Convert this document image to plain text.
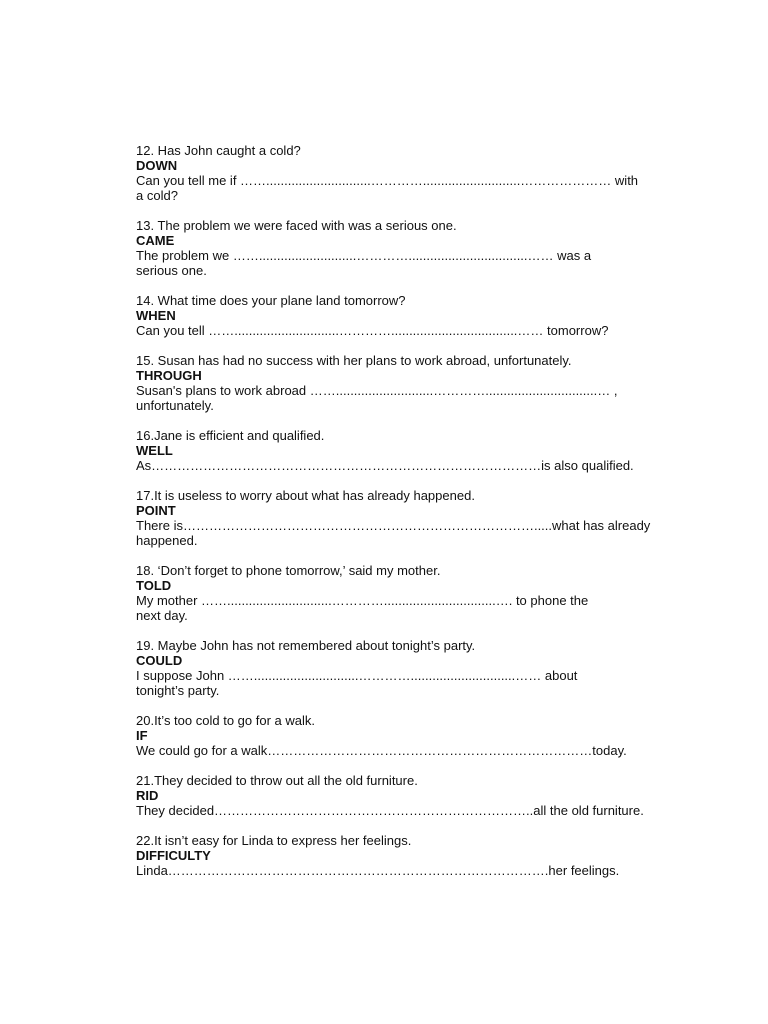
12. Has John caught a cold?

DOWN

Can you tell me if …….............................…………...........................………………… with

a cold?

13. The problem we were faced with was a serious one.

CAME

The problem we ……...........................………….................................…… was a

serious one.

14. What time does your plane land tomorrow?

WHEN

Can you tell …….............................…………...................................…… tomorrow?

15. Susan has had no success with her plans to work abroad, unfortunately.

THROUGH

Susan's plans to work abroad ……...........................…………...............................… ,

unfortunately.

16.Jane is efficient and qualified.

WELL

As………………………………………………………………………………is also qualified.

17.It is useless to worry about what has already happened.

POINT

There is……………………………………………………………………….....what has already

happened.

18. ‘Don’t forget to phone tomorrow,’ said my mother.

TOLD

My mother …….............................…………...............................…. to phone the

next day.

19. Maybe John has not remembered about tonight’s party.

COULD

I suppose John …….............................………….............................…… about

tonight’s party.

20.It’s too cold to go for a walk.

IF

We could go for a walk…………………………………………………………………today.

21.They decided to throw out all the old furniture.

RID

They decided………………………………………………………………..all the old furniture.

22.It isn’t easy for Linda to express her feelings.

DIFFICULTY

Linda…………………………………………………………………………….her feelings.
